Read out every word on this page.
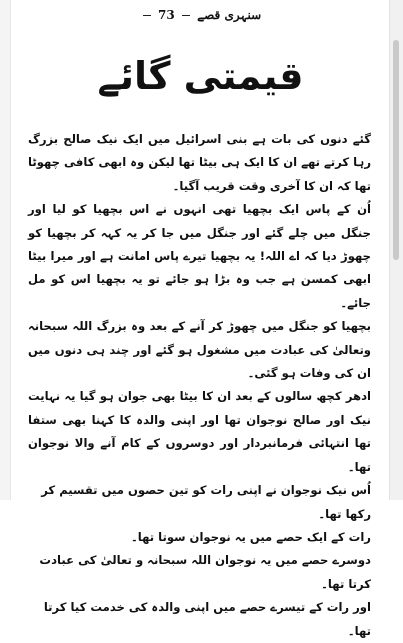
سنہری قصے  73
قیمتی گائے

گئے دنوں کی بات ہے بنی اسرائیل میں ایک نیک صالح بزرگ رہا کرتے تھے ان کا ایک ہی بیٹا تھا لیکن وہ ابھی کافی چھوٹا تھا کہ ان کا آخری وقت قریب آگیا۔

اُن کے پاس ایک بچھیا تھی انہوں نے اس بچھیا کو لیا اور جنگل میں چلے گئے اور جنگل میں جا کر یہ کہہ کر بچھیا کو چھوڑ دیا کہ اے اللہ! یہ بچھیا تیرے پاس امانت ہے اور میرا بیٹا ابھی کمسن ہے جب وہ بڑا ہو جائے تو یہ بچھیا اس کو مل جائے۔

بچھیا کو جنگل میں چھوڑ کر آنے کے بعد وہ بزرگ اللہ سبحانہ وتعالیٰ کی عبادت میں مشغول ہو گئے اور چند ہی دنوں میں ان کی وفات ہو گئی۔

ادھر کچھ سالوں کے بعد ان کا بیٹا بھی جوان ہو گیا یہ نہایت نیک اور صالح نوجوان تھا اور اپنی والدہ کا کہنا بھی ستفا تھا انتہائی فرمانبردار اور دوسروں کے کام آنے والا نوجوان تھا۔

اُس نیک نوجوان نے اپنی رات کو تین حصوں میں تقسیم کر رکھا تھا۔

رات کے ایک حصے میں یہ نوجوان سوتا تھا۔

دوسرے حصے میں یہ نوجوان اللہ سبحانہ و تعالیٰ کی عبادت کرتا تھا۔

اور رات کے تیسرے حصے میں اپنی والدہ کی خدمت کیا کرتا تھا۔
